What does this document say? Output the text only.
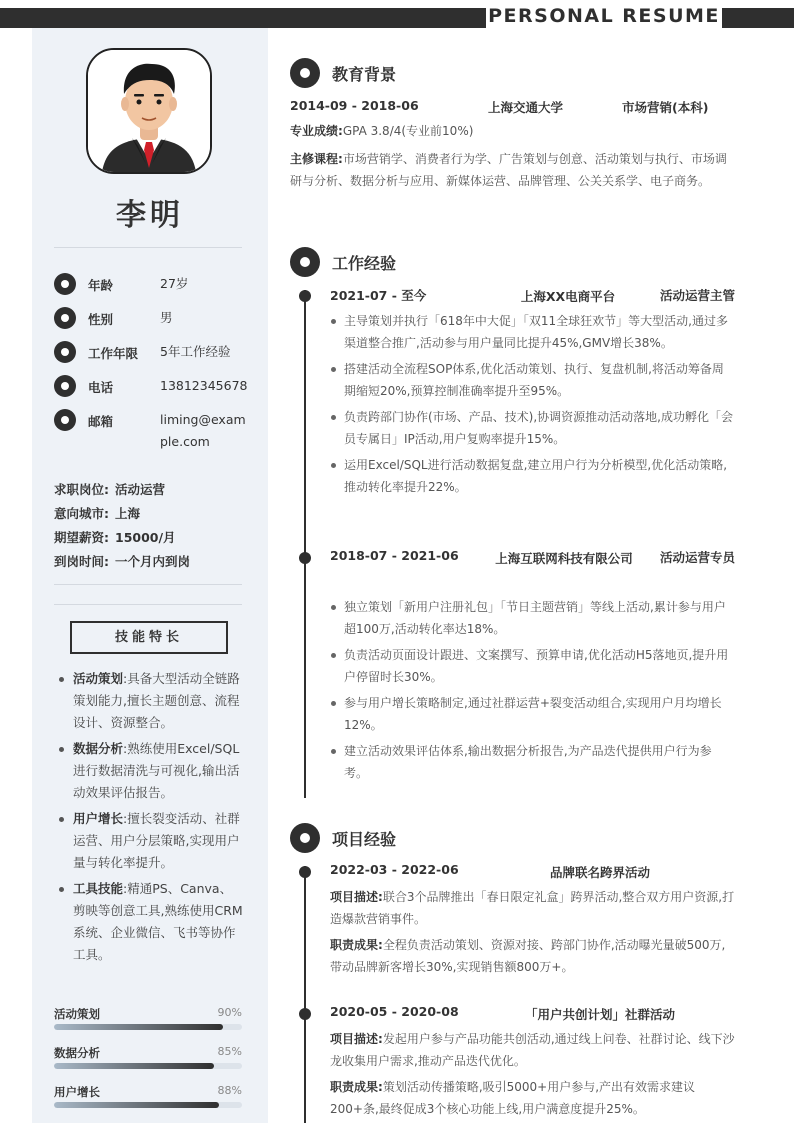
PERSONAL RESUME
李明
年龄	27岁
性别	男
工作年限 5年工作经验
电话	13812345678
邮箱	liming@example.com
求职岗位: 活动运营
意向城市: 上海
期望薪资: 15000/月
到岗时间: 一个月内到岗
技能特长
活动策划:具备大型活动全链路策划能力,擅长主题创意、流程设计、资源整合。
数据分析:熟练使用Excel/SQL进行数据清洗与可视化,输出活动效果评估报告。
用户增长:擅长裂变活动、社群运营、用户分层策略,实现用户量与转化率提升。
工具技能:精通PS、Canva、剪映等创意工具,熟练使用CRM系统、企业微信、飞书等协作工具。
活动策划	90%
数据分析	85%
用户增长	88%
教育背景
2014-09 - 2018-06	上海交通大学	市场营销(本科)
专业成绩:GPA 3.8/4(专业前10%)
主修课程:市场营销学、消费者行为学、广告策划与创意、活动策划与执行、市场调研与分析、数据分析与应用、新媒体运营、品牌管理、公关关系学、电子商务。
工作经验
2021-07 - 至今	上海XX电商平台	活动运营主管
主导策划并执行「618年中大促」「双11全球狂欢节」等大型活动,通过多渠道整合推广,活动参与用户量同比提升45%,GMV增长38%。
搭建活动全流程SOP体系,优化活动策划、执行、复盘机制,将活动筹备周期缩短20%,预算控制准确率提升至95%。
负责跨部门协作(市场、产品、技术),协调资源推动活动落地,成功孵化「会员专属日」IP活动,用户复购率提升15%。
运用Excel/SQL进行活动数据复盘,建立用户行为分析模型,优化活动策略,推动转化率提升22%。
2018-07 - 2021-06	上海互联网科技有限公司	活动运营专员
独立策划「新用户注册礼包」「节日主题营销」等线上活动,累计参与用户超100万,活动转化率达18%。
负责活动页面设计跟进、文案撰写、预算申请,优化活动H5落地页,提升用户停留时长30%。
参与用户增长策略制定,通过社群运营+裂变活动组合,实现用户月均增长12%。
建立活动效果评估体系,输出数据分析报告,为产品迭代提供用户行为参考。
项目经验
2022-03 - 2022-06	品牌联名跨界活动
项目描述:联合3个品牌推出「春日限定礼盒」跨界活动,整合双方用户资源,打造爆款营销事件。
职责成果:全程负责活动策划、资源对接、跨部门协作,活动曝光量破500万,带动品牌新客增长30%,实现销售额800万+。
2020-05 - 2020-08	「用户共创计划」社群活动
项目描述:发起用户参与产品功能共创活动,通过线上问卷、社群讨论、线下沙龙收集用户需求,推动产品迭代优化。
职责成果:策划活动传播策略,吸引5000+用户参与,产出有效需求建议200+条,最终促成3个核心功能上线,用户满意度提升25%。
